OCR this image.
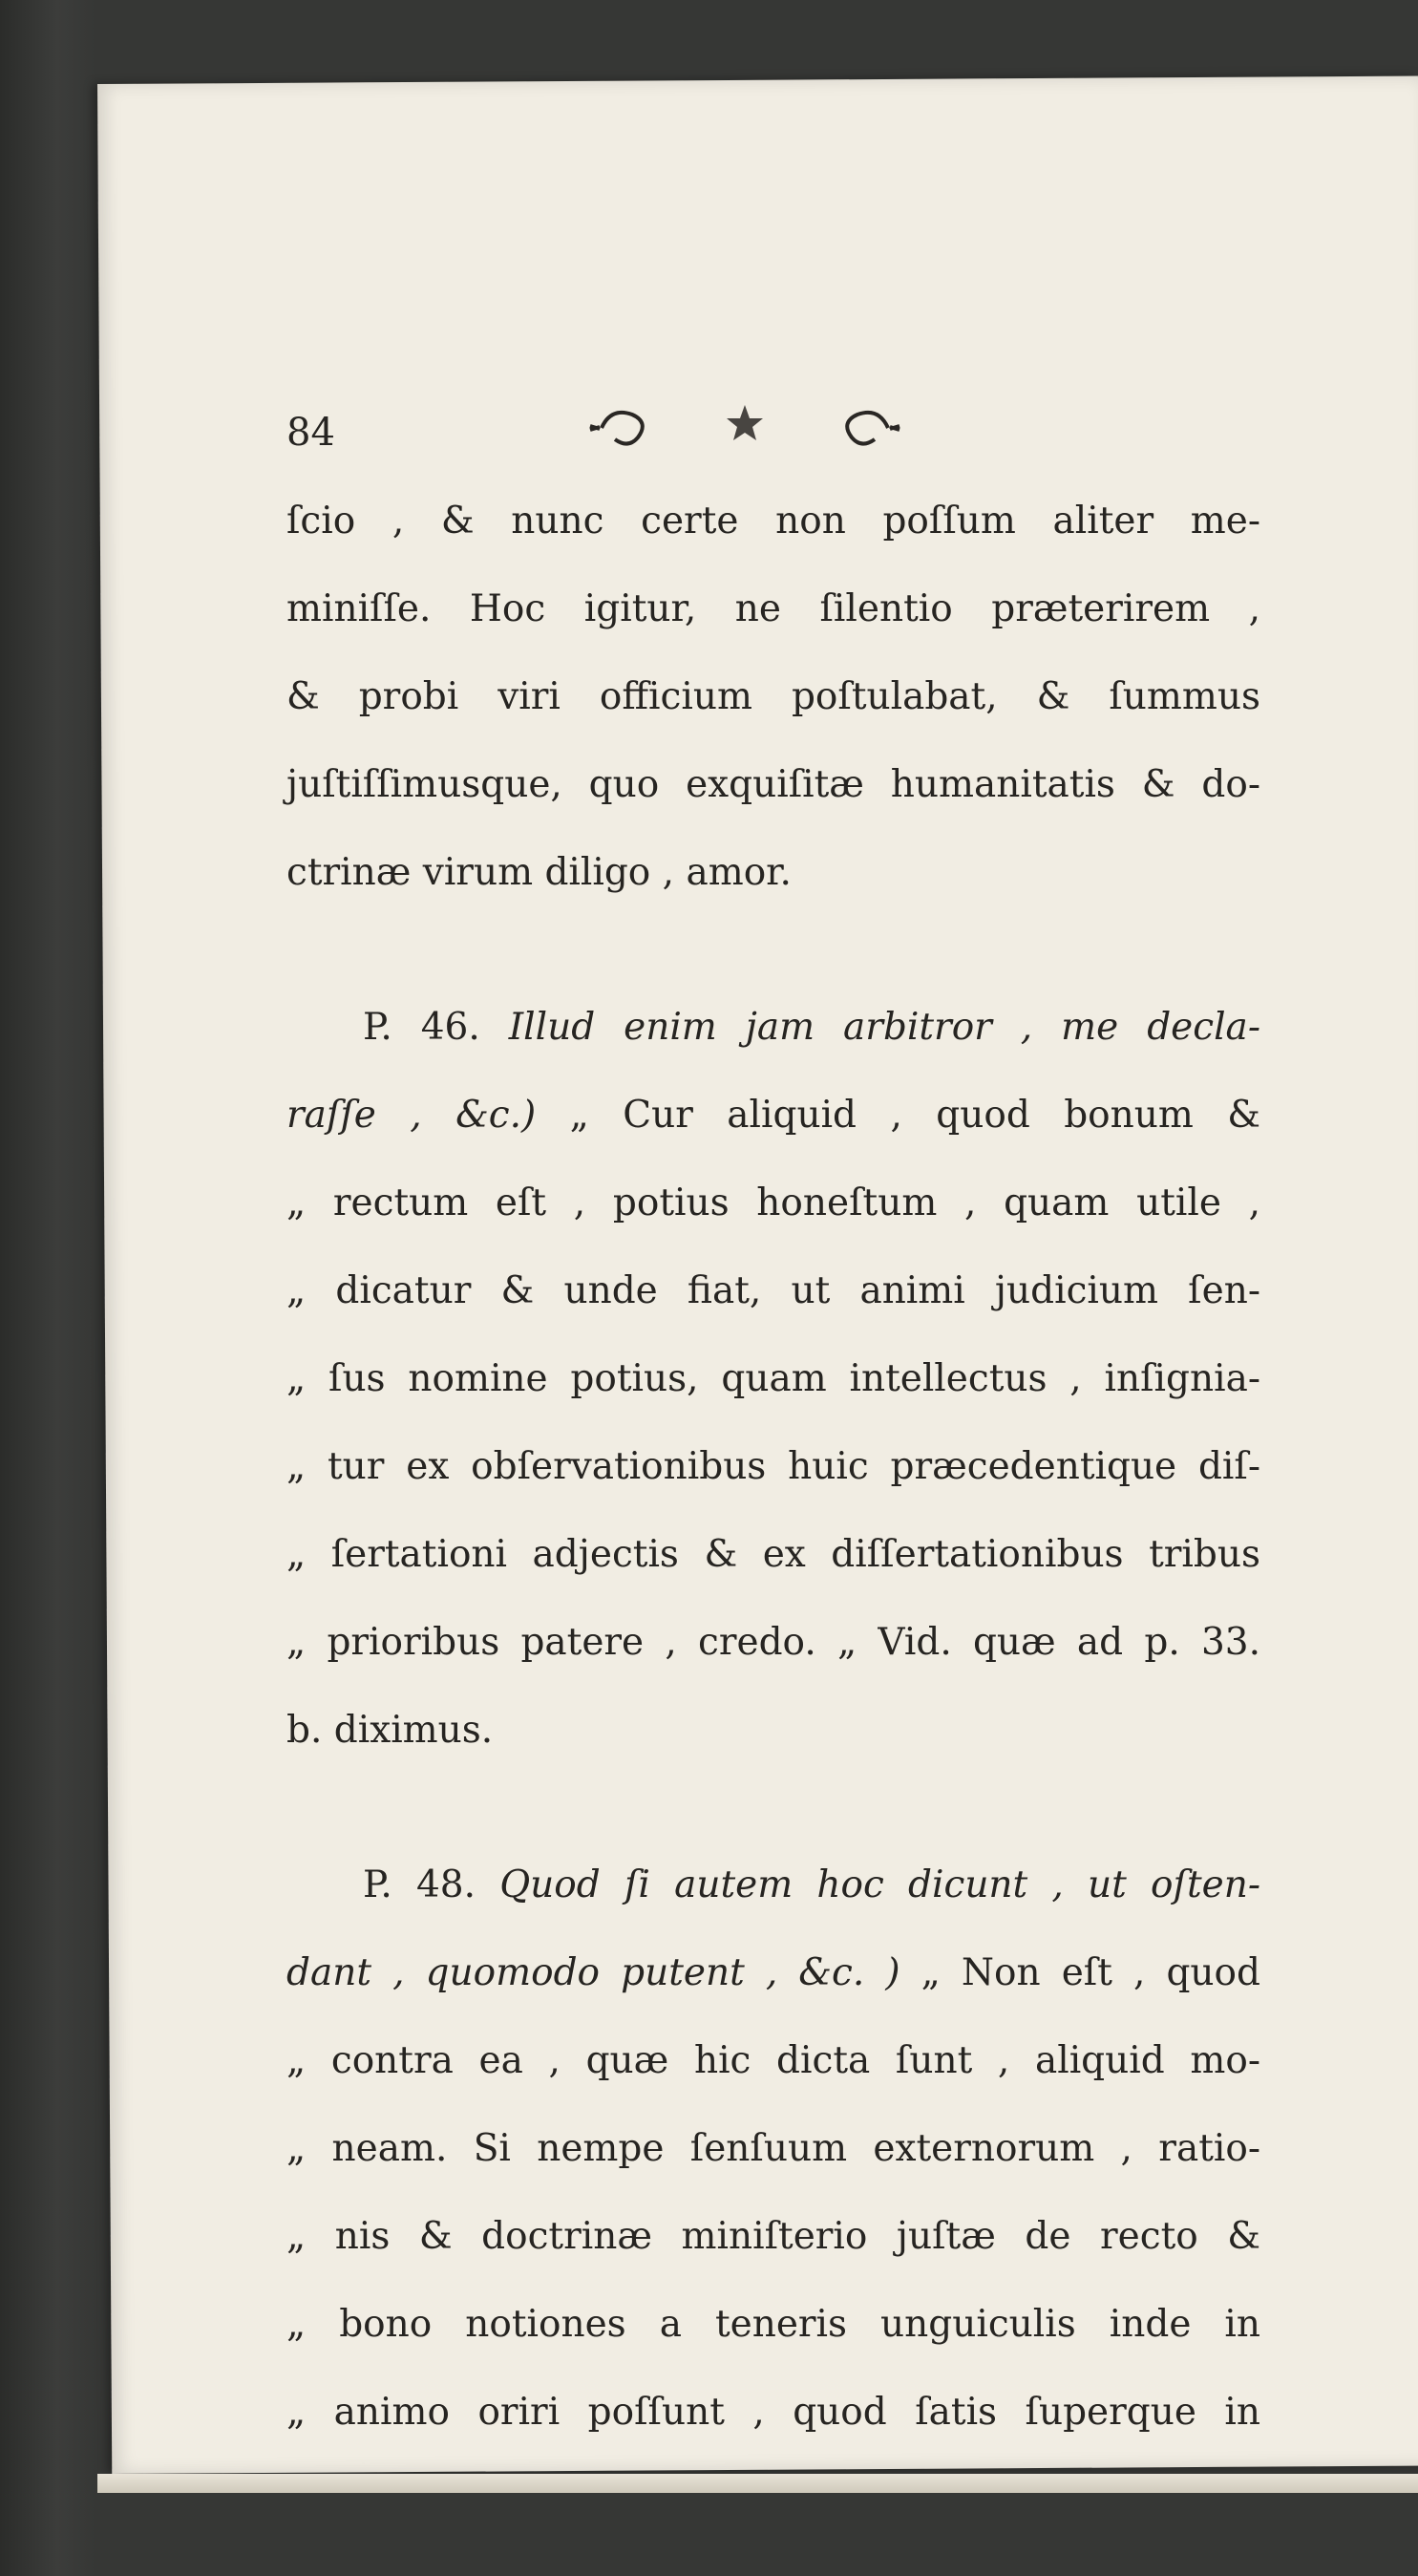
84
ſcio , & nunc certe non poſſum aliter me-
miniſſe. Hoc igitur, ne ſilentio præterirem ,
& probi viri officium poſtulabat, & ſummus
juſtiſſimusque, quo exquiſitæ humanitatis & do-
ctrinæ virum diligo , amor.
P. 46. Illud enim jam arbitror , me decla-
raſſe , &c.) „ Cur aliquid , quod bonum &
„ rectum eſt , potius honeſtum , quam utile ,
„ dicatur & unde fiat, ut animi judicium ſen-
„ ſus nomine potius, quam intellectus , inſignia-
„ tur ex obſervationibus huic præcedentique diſ-
„ ſertationi adjectis & ex diſſertationibus tribus
„ prioribus patere , credo. „ Vid. quæ ad p. 33.
b. diximus.
P. 48. Quod ſi autem hoc dicunt , ut oſten-
dant , quomodo putent , &c. ) „ Non eſt , quod
„ contra ea , quæ hic dicta ſunt , aliquid mo-
„ neam. Si nempe ſenſuum externorum , ratio-
„ nis & doctrinæ miniſterio juſtæ de recto &
„ bono notiones a teneris unguiculis inde in
„ animo oriri poſſunt , quod ſatis ſuperque in
